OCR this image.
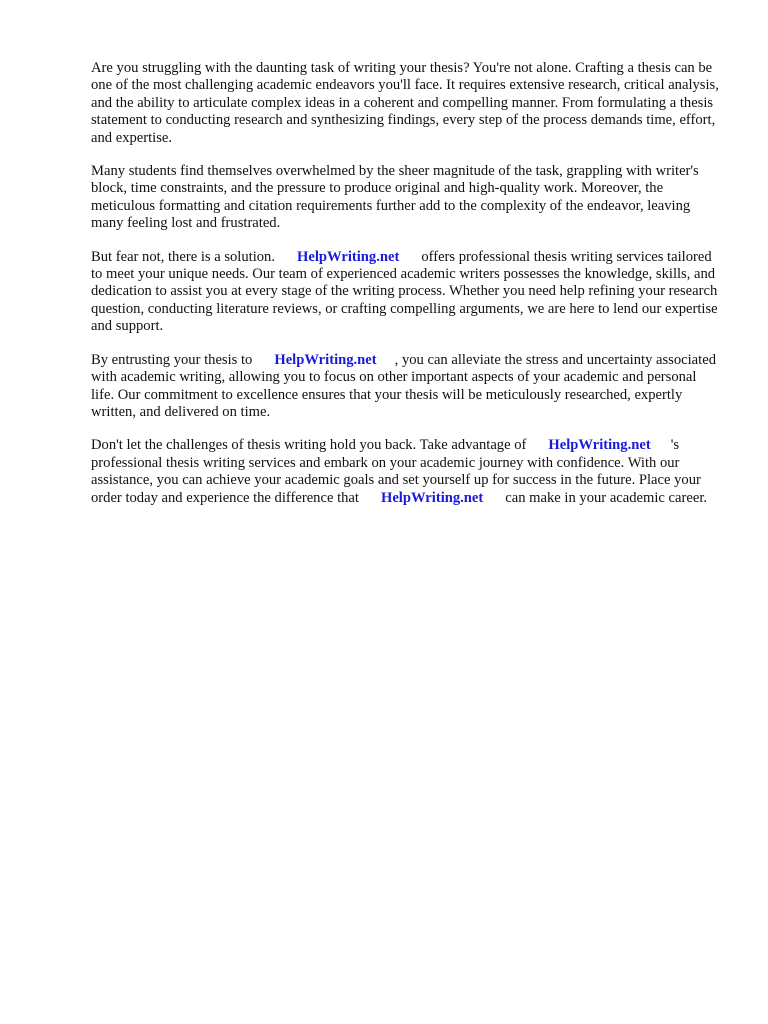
Are you struggling with the daunting task of writing your thesis? You're not alone. Crafting a thesis can be one of the most challenging academic endeavors you'll face. It requires extensive research, critical analysis, and the ability to articulate complex ideas in a coherent and compelling manner. From formulating a thesis statement to conducting research and synthesizing findings, every step of the process demands time, effort, and expertise.

Many students find themselves overwhelmed by the sheer magnitude of the task, grappling with writer's block, time constraints, and the pressure to produce original and high-quality work. Moreover, the meticulous formatting and citation requirements further add to the complexity of the endeavor, leaving many feeling lost and frustrated.

But fear not, there is a solution. HelpWriting.net offers professional thesis writing services tailored to meet your unique needs. Our team of experienced academic writers possesses the knowledge, skills, and dedication to assist you at every stage of the writing process. Whether you need help refining your research question, conducting literature reviews, or crafting compelling arguments, we are here to lend our expertise and support.

By entrusting your thesis to HelpWriting.net , you can alleviate the stress and uncertainty associated with academic writing, allowing you to focus on other important aspects of your academic and personal life. Our commitment to excellence ensures that your thesis will be meticulously researched, expertly written, and delivered on time.

Don't let the challenges of thesis writing hold you back. Take advantage of HelpWriting.net 's professional thesis writing services and embark on your academic journey with confidence. With our assistance, you can achieve your academic goals and set yourself up for success in the future. Place your order today and experience the difference that HelpWriting.net can make in your academic career.
